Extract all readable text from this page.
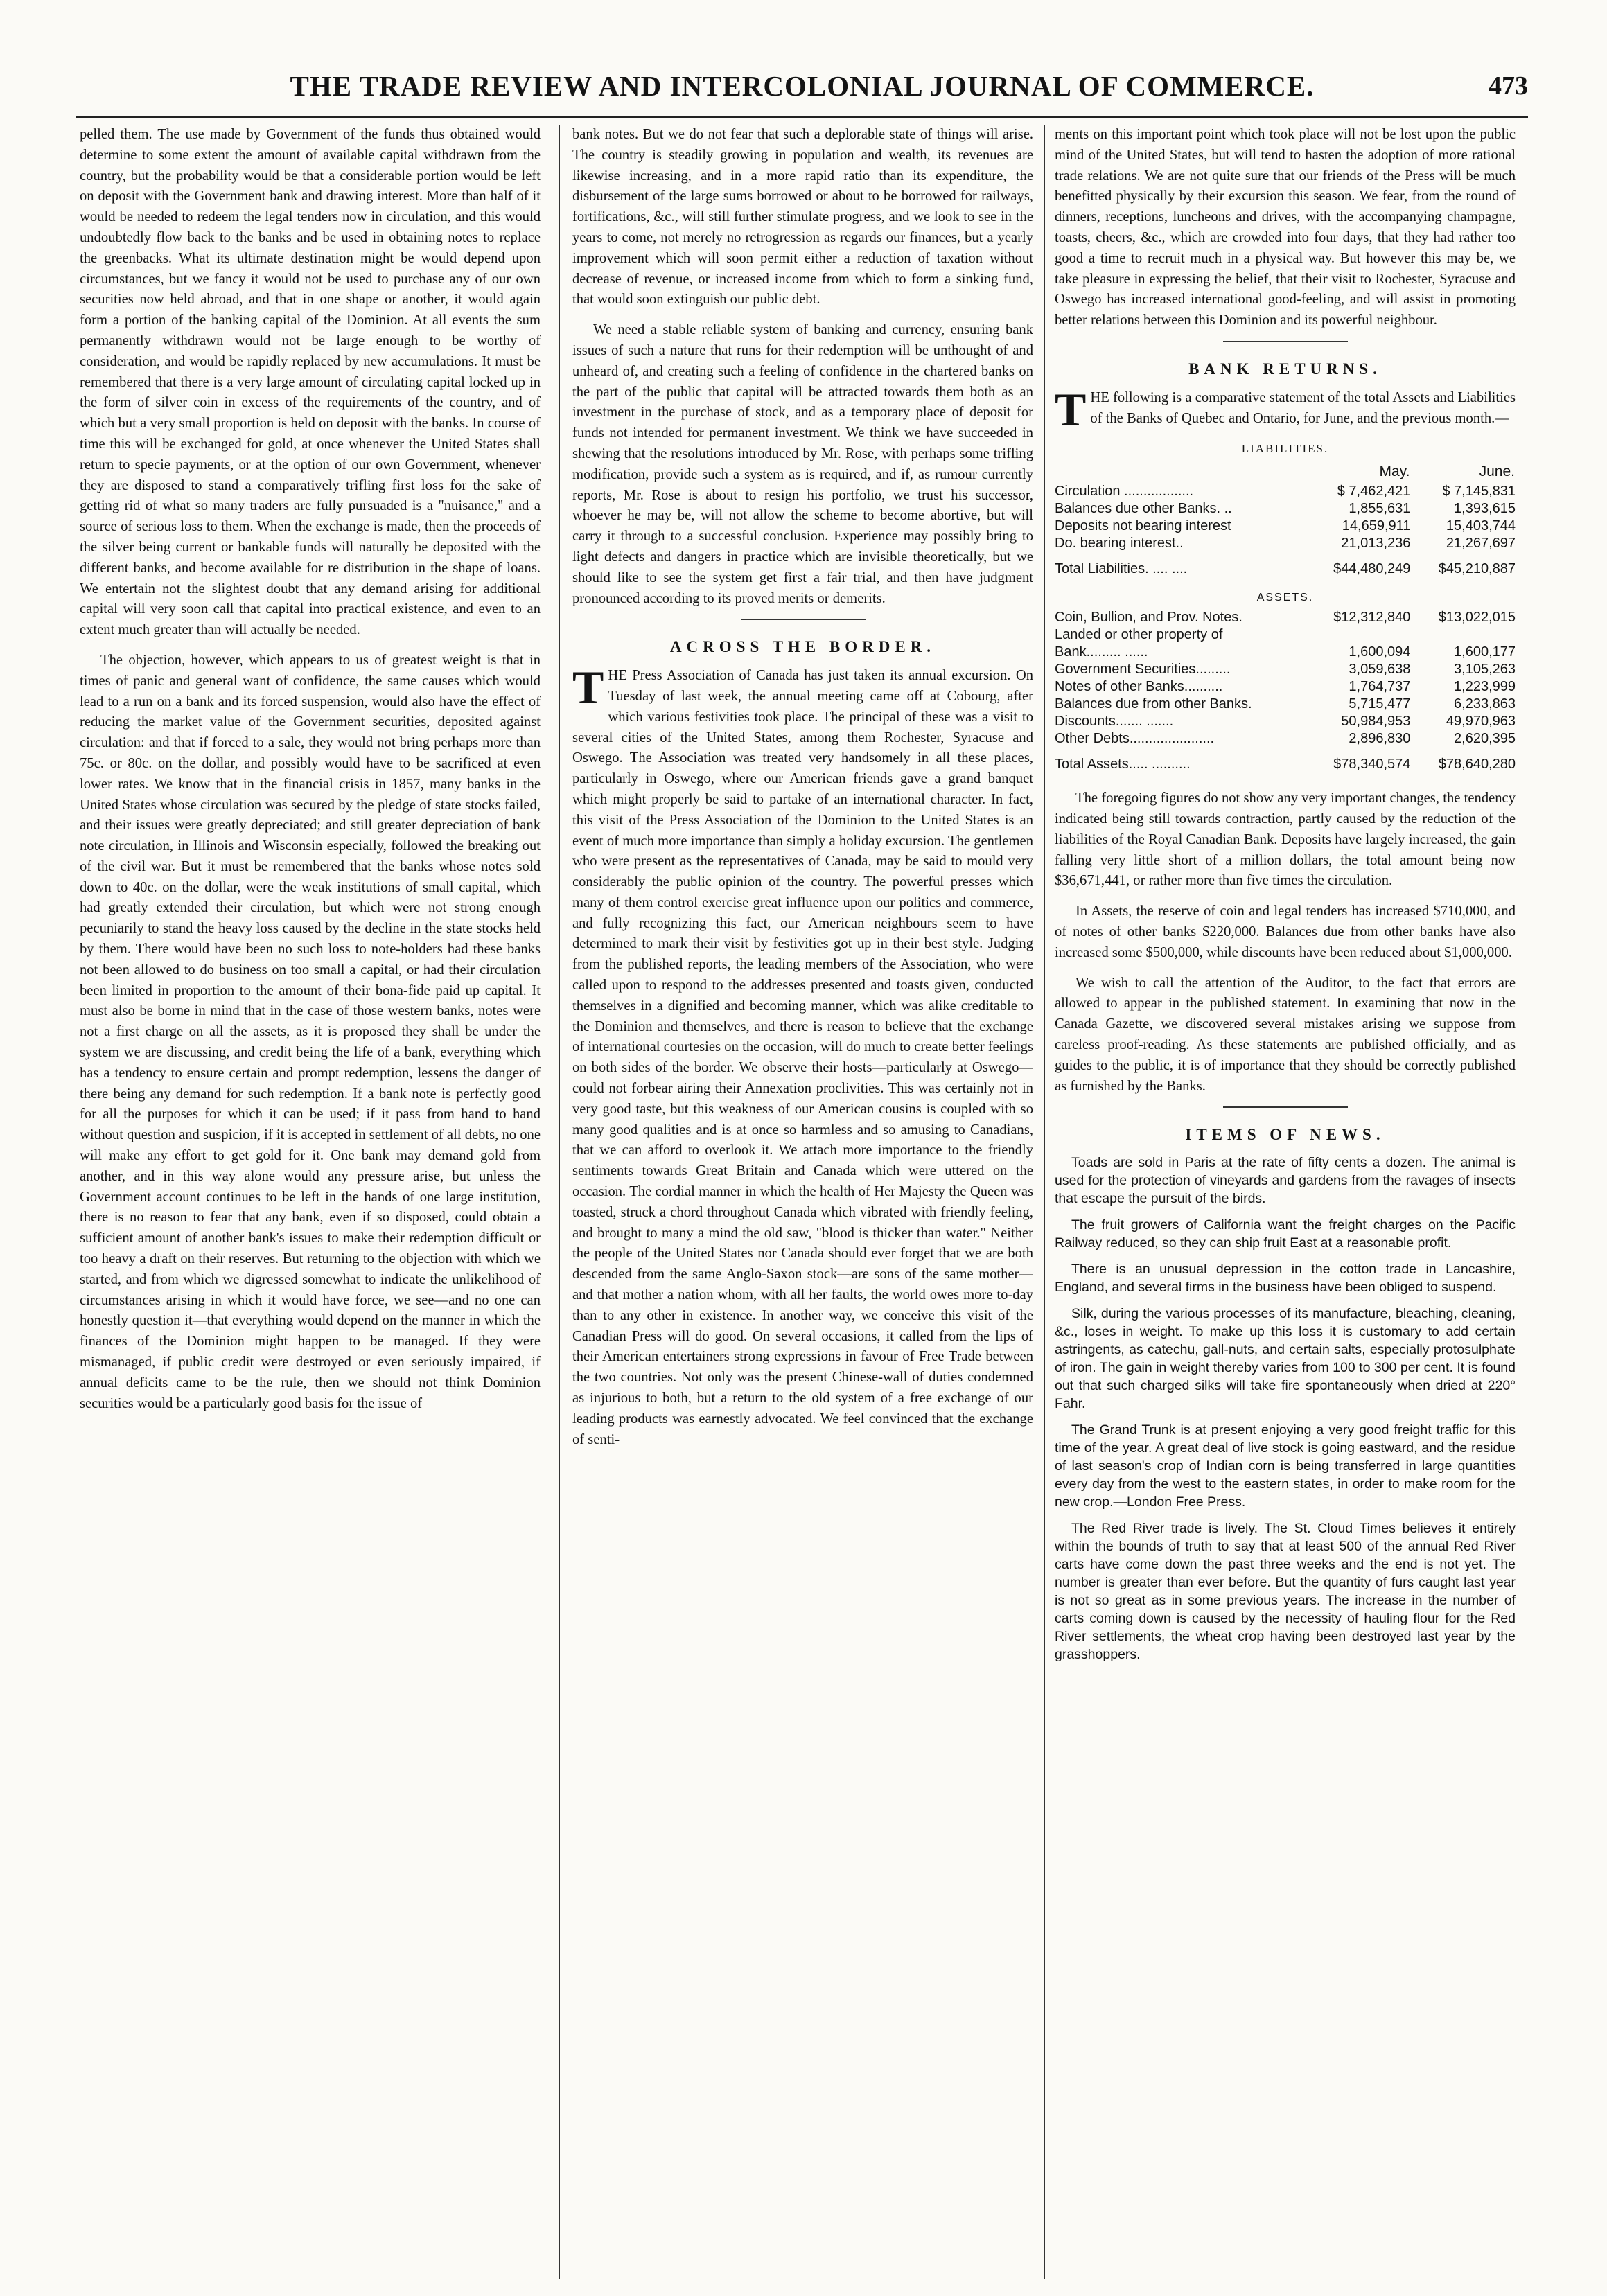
THE TRADE REVIEW AND INTERCOLONIAL JOURNAL OF COMMERCE.	473

pelled them. The use made by Government of the funds thus obtained would determine to some extent the amount of available capital withdrawn from the country, but the probability would be that a considerable portion would be left on deposit with the Government bank and drawing interest. More than half of it would be needed to redeem the legal tenders now in circulation, and this would undoubtedly flow back to the banks and be used in obtaining notes to replace the greenbacks. What its ultimate destination might be would depend upon circumstances, but we fancy it would not be used to purchase any of our own securities now held abroad, and that in one shape or another, it would again form a portion of the banking capital of the Dominion. At all events the sum permanently withdrawn would not be large enough to be worthy of consideration, and would be rapidly replaced by new accumulations. It must be remembered that there is a very large amount of circulating capital locked up in the form of silver coin in excess of the requirements of the country, and of which but a very small proportion is held on deposit with the banks. In course of time this will be exchanged for gold, at once whenever the United States shall return to specie payments, or at the option of our own Government, whenever they are disposed to stand a comparatively trifling first loss for the sake of getting rid of what so many traders are fully pursuaded is a "nuisance," and a source of serious loss to them. When the exchange is made, then the proceeds of the silver being current or bankable funds will naturally be deposited with the different banks, and become available for re distribution in the shape of loans. We entertain not the slightest doubt that any demand arising for additional capital will very soon call that capital into practical existence, and even to an extent much greater than will actually be needed.

The objection, however, which appears to us of greatest weight is that in times of panic and general want of confidence, the same causes which would lead to a run on a bank and its forced suspension, would also have the effect of reducing the market value of the Government securities, deposited against circulation: and that if forced to a sale, they would not bring perhaps more than 75c. or 80c. on the dollar, and possibly would have to be sacrificed at even lower rates. We know that in the financial crisis in 1857, many banks in the United States whose circulation was secured by the pledge of state stocks failed, and their issues were greatly depreciated; and still greater depreciation of bank note circulation, in Illinois and Wisconsin especially, followed the breaking out of the civil war. But it must be remembered that the banks whose notes sold down to 40c. on the dollar, were the weak institutions of small capital, which had greatly extended their circulation, but which were not strong enough pecuniarily to stand the heavy loss caused by the decline in the state stocks held by them. There would have been no such loss to note-holders had these banks not been allowed to do business on too small a capital, or had their circulation been limited in proportion to the amount of their bona-fide paid up capital. It must also be borne in mind that in the case of those western banks, notes were not a first charge on all the assets, as it is proposed they shall be under the system we are discussing, and credit being the life of a bank, everything which has a tendency to ensure certain and prompt redemption, lessens the danger of there being any demand for such redemption. If a bank note is perfectly good for all the purposes for which it can be used; if it pass from hand to hand without question and suspicion, if it is accepted in settlement of all debts, no one will make any effort to get gold for it. One bank may demand gold from another, and in this way alone would any pressure arise, but unless the Government account continues to be left in the hands of one large institution, there is no reason to fear that any bank, even if so disposed, could obtain a sufficient amount of another bank's issues to make their redemption difficult or too heavy a draft on their reserves. But returning to the objection with which we started, and from which we digressed somewhat to indicate the unlikelihood of circumstances arising in which it would have force, we see—and no one can honestly question it—that everything would depend on the manner in which the finances of the Dominion might happen to be managed. If they were mismanaged, if public credit were destroyed or even seriously impaired, if annual deficits came to be the rule, then we should not think Dominion securities would be a particularly good basis for the issue of

bank notes. But we do not fear that such a deplorable state of things will arise. The country is steadily growing in population and wealth, its revenues are likewise increasing, and in a more rapid ratio than its expenditure, the disbursement of the large sums borrowed or about to be borrowed for railways, fortifications, &c., will still further stimulate progress, and we look to see in the years to come, not merely no retrogression as regards our finances, but a yearly improvement which will soon permit either a reduction of taxation without decrease of revenue, or increased income from which to form a sinking fund, that would soon extinguish our public debt.

We need a stable reliable system of banking and currency, ensuring bank issues of such a nature that runs for their redemption will be unthought of and unheard of, and creating such a feeling of confidence in the chartered banks on the part of the public that capital will be attracted towards them both as an investment in the purchase of stock, and as a temporary place of deposit for funds not intended for permanent investment. We think we have succeeded in shewing that the resolutions introduced by Mr. Rose, with perhaps some trifling modification, provide such a system as is required, and if, as rumour currently reports, Mr. Rose is about to resign his portfolio, we trust his successor, whoever he may be, will not allow the scheme to become abortive, but will carry it through to a successful conclusion. Experience may possibly bring to light defects and dangers in practice which are invisible theoretically, but we should like to see the system get first a fair trial, and then have judgment pronounced according to its proved merits or demerits.

ACROSS THE BORDER.

THE Press Association of Canada has just taken its annual excursion. On Tuesday of last week, the annual meeting came off at Cobourg, after which various festivities took place. The principal of these was a visit to several cities of the United States, among them Rochester, Syracuse and Oswego. The Association was treated very handsomely in all these places, particularly in Oswego, where our American friends gave a grand banquet which might properly be said to partake of an international character. In fact, this visit of the Press Association of the Dominion to the United States is an event of much more importance than simply a holiday excursion. The gentlemen who were present as the representatives of Canada, may be said to mould very considerably the public opinion of the country. The powerful presses which many of them control exercise great influence upon our politics and commerce, and fully recognizing this fact, our American neighbours seem to have determined to mark their visit by festivities got up in their best style. Judging from the published reports, the leading members of the Association, who were called upon to respond to the addresses presented and toasts given, conducted themselves in a dignified and becoming manner, which was alike creditable to the Dominion and themselves, and there is reason to believe that the exchange of international courtesies on the occasion, will do much to create better feelings on both sides of the border. We observe their hosts—particularly at Oswego—could not forbear airing their Annexation proclivities. This was certainly not in very good taste, but this weakness of our American cousins is coupled with so many good qualities and is at once so harmless and so amusing to Canadians, that we can afford to overlook it. We attach more importance to the friendly sentiments towards Great Britain and Canada which were uttered on the occasion. The cordial manner in which the health of Her Majesty the Queen was toasted, struck a chord throughout Canada which vibrated with friendly feeling, and brought to many a mind the old saw, "blood is thicker than water." Neither the people of the United States nor Canada should ever forget that we are both descended from the same Anglo-Saxon stock—are sons of the same mother—and that mother a nation whom, with all her faults, the world owes more to-day than to any other in existence. In another way, we conceive this visit of the Canadian Press will do good. On several occasions, it called from the lips of their American entertainers strong expressions in favour of Free Trade between the two countries. Not only was the present Chinese-wall of duties condemned as injurious to both, but a return to the old system of a free exchange of our leading products was earnestly advocated. We feel convinced that the exchange of senti-

ments on this important point which took place will not be lost upon the public mind of the United States, but will tend to hasten the adoption of more rational trade relations. We are not quite sure that our friends of the Press will be much benefitted physically by their excursion this season. We fear, from the round of dinners, receptions, luncheons and drives, with the accompanying champagne, toasts, cheers, &c., which are crowded into four days, that they had rather too good a time to recruit much in a physical way. But however this may be, we take pleasure in expressing the belief, that their visit to Rochester, Syracuse and Oswego has increased international good-feeling, and will assist in promoting better relations between this Dominion and its powerful neighbour.

BANK RETURNS.

THE following is a comparative statement of the total Assets and Liabilities of the Banks of Quebec and Ontario, for June, and the previous month.—

LIABILITIES.
	May.	June.
Circulation ..................	$ 7,462,421	$ 7,145,831
Balances due other Banks. ..	1,855,631	1,393,615
Deposits not bearing interest	14,659,911	15,403,744
Do. bearing interest..	21,013,236	21,267,697
Total Liabilities. .... ....	$44,480,249	$45,210,887
ASSETS.		
Coin, Bullion, and Prov. Notes.	$12,312,840	$13,022,015
Landed or other property of		
Bank......... ......	1,600,094	1,600,177
Government Securities.........	3,059,638	3,105,263
Notes of other Banks..........	1,764,737	1,223,999
Balances due from other Banks.	5,715,477	6,233,863
Discounts....... .......	50,984,953	49,970,963
Other Debts......................	2,896,830	2,620,395
Total Assets..... ..........	$78,340,574	$78,640,280

The foregoing figures do not show any very important changes, the tendency indicated being still towards contraction, partly caused by the reduction of the liabilities of the Royal Canadian Bank. Deposits have largely increased, the gain falling very little short of a million dollars, the total amount being now $36,671,441, or rather more than five times the circulation.

In Assets, the reserve of coin and legal tenders has increased $710,000, and of notes of other banks $220,000. Balances due from other banks have also increased some $500,000, while discounts have been reduced about $1,000,000.

We wish to call the attention of the Auditor, to the fact that errors are allowed to appear in the published statement. In examining that now in the Canada Gazette, we discovered several mistakes arising we suppose from careless proof-reading. As these statements are published officially, and as guides to the public, it is of importance that they should be correctly published as furnished by the Banks.

ITEMS OF NEWS.

Toads are sold in Paris at the rate of fifty cents a dozen. The animal is used for the protection of vineyards and gardens from the ravages of insects that escape the pursuit of the birds.

The fruit growers of California want the freight charges on the Pacific Railway reduced, so they can ship fruit East at a reasonable profit.

There is an unusual depression in the cotton trade in Lancashire, England, and several firms in the business have been obliged to suspend.

Silk, during the various processes of its manufacture, bleaching, cleaning, &c., loses in weight. To make up this loss it is customary to add certain astringents, as catechu, gall-nuts, and certain salts, especially protosulphate of iron. The gain in weight thereby varies from 100 to 300 per cent. It is found out that such charged silks will take fire spontaneously when dried at 220° Fahr.

The Grand Trunk is at present enjoying a very good freight traffic for this time of the year. A great deal of live stock is going eastward, and the residue of last season's crop of Indian corn is being transferred in large quantities every day from the west to the eastern states, in order to make room for the new crop.—London Free Press.

The Red River trade is lively. The St. Cloud Times believes it entirely within the bounds of truth to say that at least 500 of the annual Red River carts have come down the past three weeks and the end is not yet. The number is greater than ever before. But the quantity of furs caught last year is not so great as in some previous years. The increase in the number of carts coming down is caused by the necessity of hauling flour for the Red River settlements, the wheat crop having been destroyed last year by the grasshoppers.
